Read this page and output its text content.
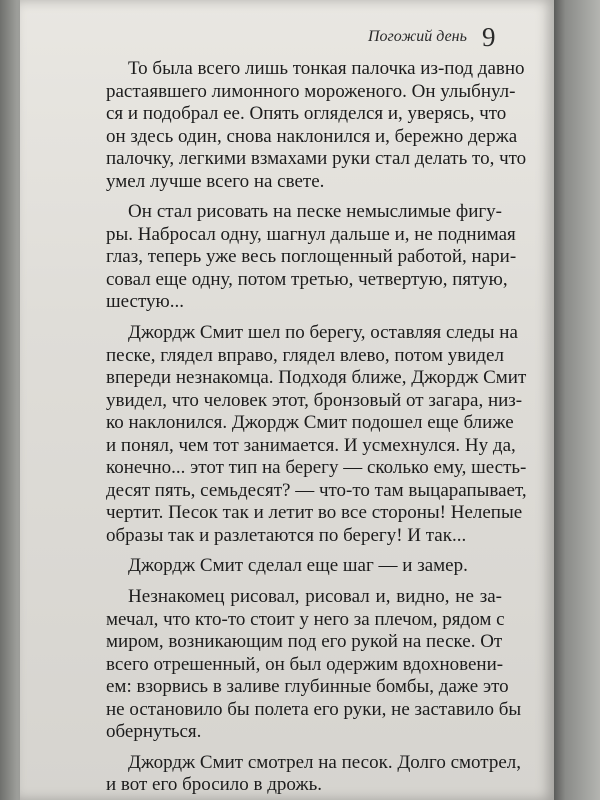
Погожий день 9
То была всего лишь тонкая палочка из-под давно
растаявшего лимонного мороженого. Он улыбнул-
ся и подобрал ее. Опять огляделся и, уверясь, что
он здесь один, снова наклонился и, бережно держа
палочку, легкими взмахами руки стал делать то, что
умел лучше всего на свете.
Он стал рисовать на песке немыслимые фигу-
ры. Набросал одну, шагнул дальше и, не поднимая
глаз, теперь уже весь поглощенный работой, нари-
совал еще одну, потом третью, четвертую, пятую,
шестую...
Джордж Смит шел по берегу, оставляя следы на
песке, глядел вправо, глядел влево, потом увидел
впереди незнакомца. Подходя ближе, Джордж Смит
увидел, что человек этот, бронзовый от загара, низ-
ко наклонился. Джордж Смит подошел еще ближе
и понял, чем тот занимается. И усмехнулся. Ну да,
конечно... этот тип на берегу — сколько ему, шесть-
десят пять, семьдесят? — что-то там выцарапывает,
чертит. Песок так и летит во все стороны! Нелепые
образы так и разлетаются по берегу! И так...
Джордж Смит сделал еще шаг — и замер.
Незнакомец рисовал, рисовал и, видно, не за-
мечал, что кто-то стоит у него за плечом, рядом с
миром, возникающим под его рукой на песке. От
всего отрешенный, он был одержим вдохновени-
ем: взорвись в заливе глубинные бомбы, даже это
не остановило бы полета его руки, не заставило бы
обернуться.
Джордж Смит смотрел на песок. Долго смотрел,
и вот его бросило в дрожь.
